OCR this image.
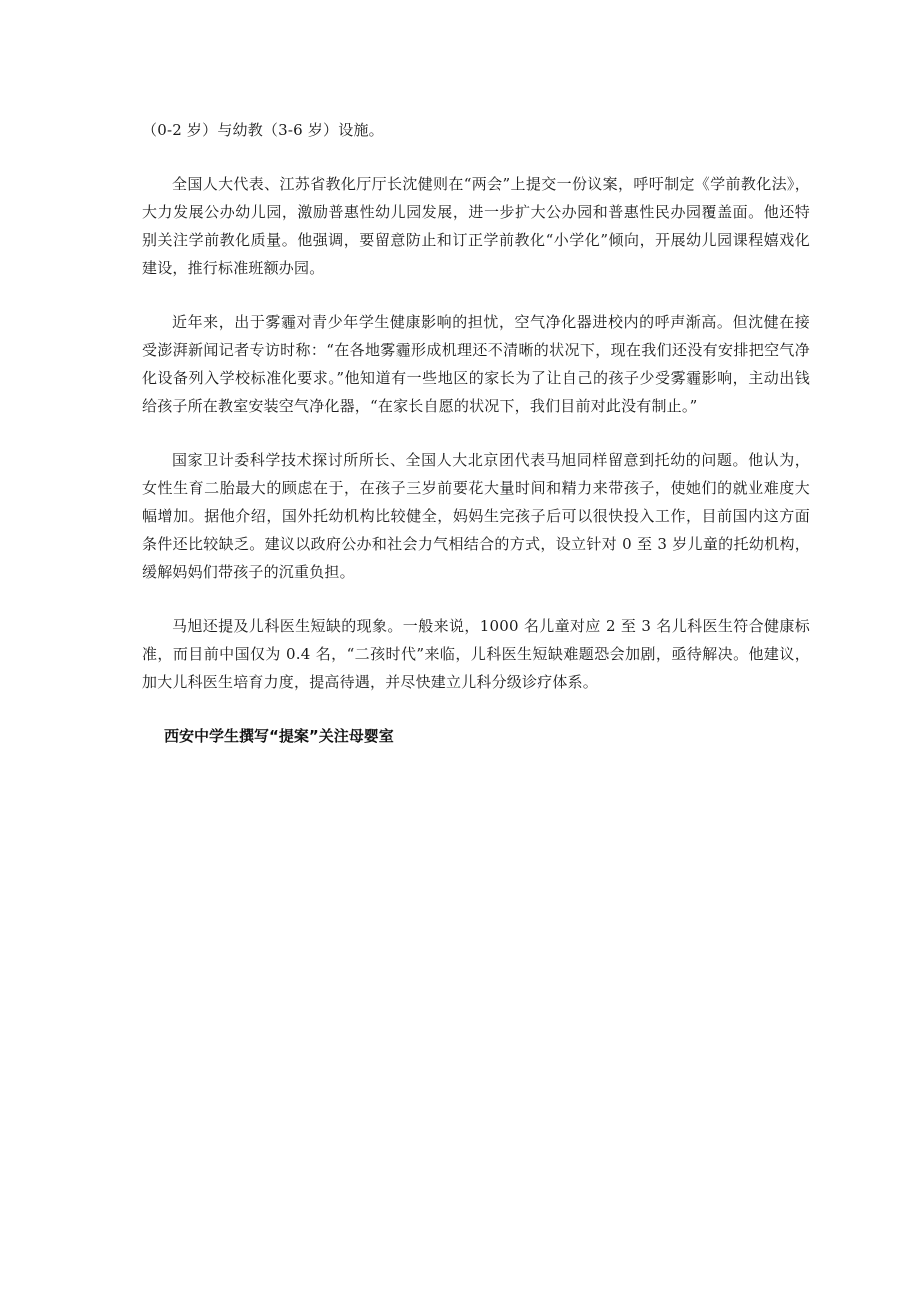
（0-2 岁）与幼教（3-6 岁）设施。

全国人大代表、江苏省教化厅厅长沈健则在“两会”上提交一份议案，呼吁制定《学前教化法》，大力发展公办幼儿园，激励普惠性幼儿园发展，进一步扩大公办园和普惠性民办园覆盖面。他还特别关注学前教化质量。他强调，要留意防止和订正学前教化“小学化”倾向，开展幼儿园课程嬉戏化建设，推行标准班额办园。

近年来，出于雾霾对青少年学生健康影响的担忧，空气净化器进校内的呼声渐高。但沈健在接受澎湃新闻记者专访时称：“在各地雾霾形成机理还不清晰的状况下，现在我们还没有安排把空气净化设备列入学校标准化要求。”他知道有一些地区的家长为了让自己的孩子少受雾霾影响，主动出钱给孩子所在教室安装空气净化器，“在家长自愿的状况下，我们目前对此没有制止。”

国家卫计委科学技术探讨所所长、全国人大北京团代表马旭同样留意到托幼的问题。他认为，女性生育二胎最大的顾虑在于，在孩子三岁前要花大量时间和精力来带孩子，使她们的就业难度大幅增加。据他介绍，国外托幼机构比较健全，妈妈生完孩子后可以很快投入工作，目前国内这方面条件还比较缺乏。建议以政府公办和社会力气相结合的方式，设立针对 0 至 3 岁儿童的托幼机构，缓解妈妈们带孩子的沉重负担。

马旭还提及儿科医生短缺的现象。一般来说，1000 名儿童对应 2 至 3 名儿科医生符合健康标准，而目前中国仅为 0.4 名，“二孩时代”来临，儿科医生短缺难题恐会加剧，亟待解决。他建议，加大儿科医生培育力度，提高待遇，并尽快建立儿科分级诊疗体系。

西安中学生撰写“提案”关注母婴室
